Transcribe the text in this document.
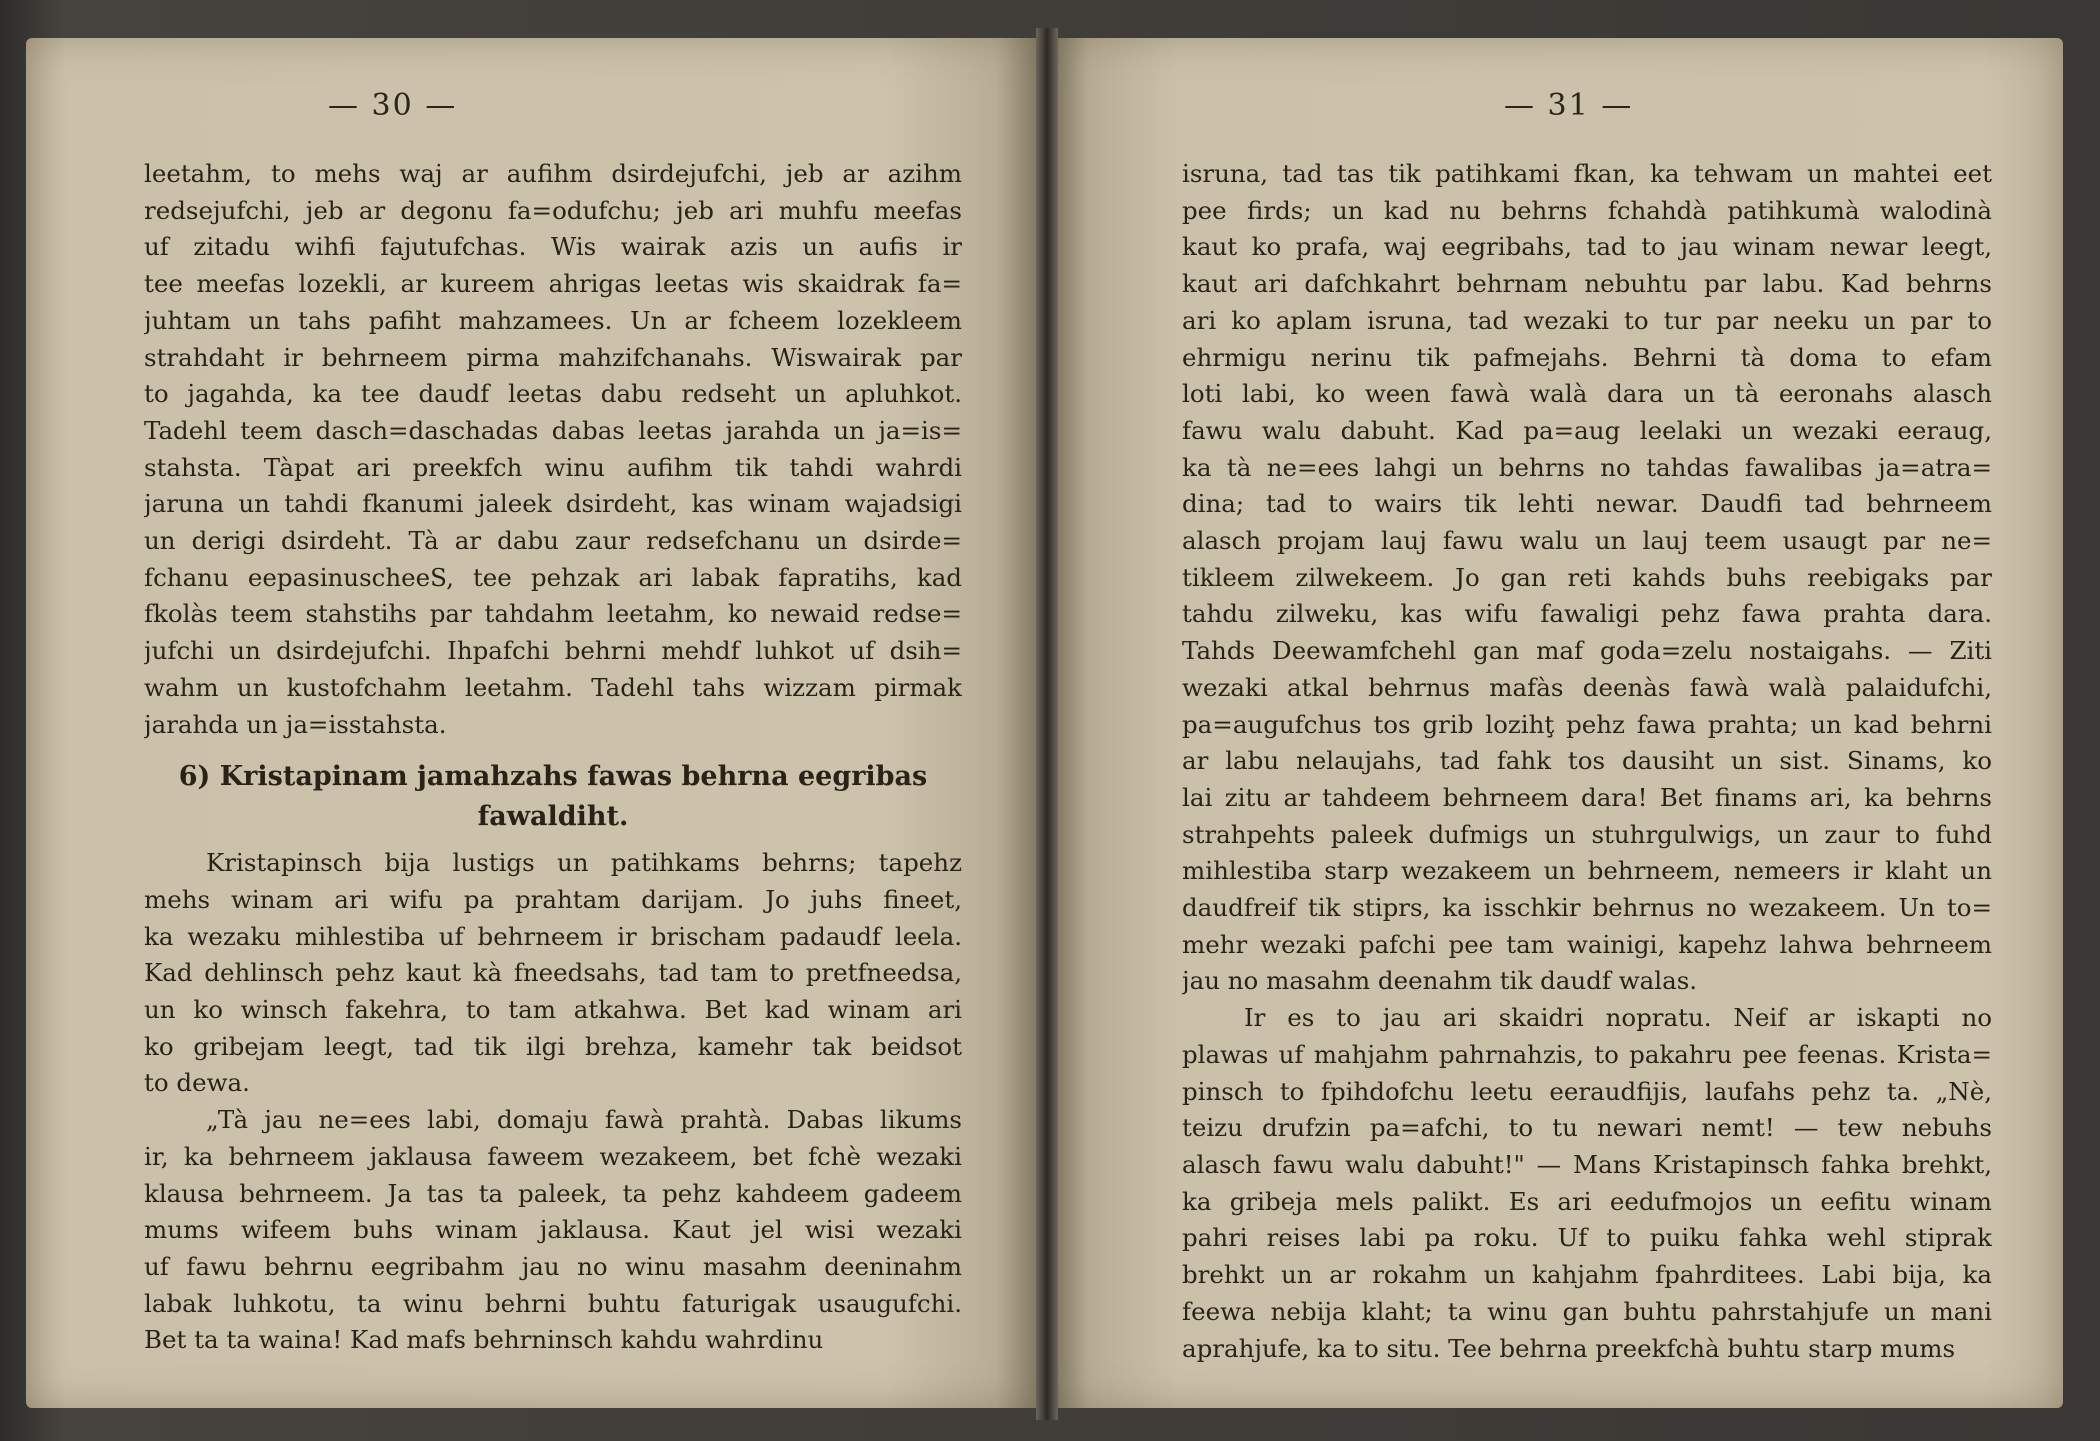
— 30 —
leetahm, to mehs waj ar aufihm dsirdejufchi, jeb ar azihm
redsejufchi, jeb ar degonu fa=odufchu; jeb ari muhfu meefas
uf zitadu wihfi fajutufchas. Wis wairak azis un aufis ir
tee meefas lozekli, ar kureem ahrigas leetas wis skaidrak fa=
juhtam un tahs pafiht mahzamees. Un ar fcheem lozekleem
strahdaht ir behrneem pirma mahzifchanahs. Wiswairak par
to jagahda, ka tee daudf leetas dabu redseht un apluhkot.
Tadehl teem dasch=daschadas dabas leetas jarahda un ja=is=
stahsta. Tàpat ari preekfch winu aufihm tik tahdi wahrdi
jaruna un tahdi fkanumi jaleek dsirdeht, kas winam wajadsigi
un derigi dsirdeht. Tà ar dabu zaur redsefchanu un dsirde=
fchanu eepasinuscheeS, tee pehzak ari labak fapratihs, kad
fkolàs teem stahstihs par tahdahm leetahm, ko newaid redse=
jufchi un dsirdejufchi. Ihpafchi behrni mehdf luhkot uf dsih=
wahm un kustofchahm leetahm. Tadehl tahs wizzam pirmak
jarahda un ja=isstahsta.
6) Kristapinam jamahzahs fawas behrna eegribas
fawaldiht.
Kristapinsch bija lustigs un patihkams behrns; tapehz
mehs winam ari wifu pa prahtam darijam. Jo juhs fineet,
ka wezaku mihlestiba uf behrneem ir brischam padaudf leela.
Kad dehlinsch pehz kaut kà fneedsahs, tad tam to pretfneedsa,
un ko winsch fakehra, to tam atkahwa. Bet kad winam ari
ko gribejam leegt, tad tik ilgi brehza, kamehr tak beidsot
to dewa.
„Tà jau ne=ees labi, domaju fawà prahtà. Dabas likums
ir, ka behrneem jaklausa faweem wezakeem, bet fchè wezaki
klausa behrneem. Ja tas ta paleek, ta pehz kahdeem gadeem
mums wifeem buhs winam jaklausa. Kaut jel wisi wezaki
uf fawu behrnu eegribahm jau no winu masahm deeninahm
labak luhkotu, ta winu behrni buhtu faturigak usaugufchi.
Bet ta ta waina! Kad mafs behrninsch kahdu wahrdinu
— 31 —
isruna, tad tas tik patihkami fkan, ka tehwam un mahtei eet
pee firds; un kad nu behrns fchahdà patihkumà walodinà
kaut ko prafa, waj eegribahs, tad to jau winam newar leegt,
kaut ari dafchkahrt behrnam nebuhtu par labu. Kad behrns
ari ko aplam isruna, tad wezaki to tur par neeku un par to
ehrmigu nerinu tik pafmejahs. Behrni tà doma to efam
loti labi, ko ween fawà walà dara un tà eeronahs alasch
fawu walu dabuht. Kad pa=aug leelaki un wezaki eeraug,
ka tà ne=ees lahgi un behrns no tahdas fawalibas ja=atra=
dina; tad to wairs tik lehti newar. Daudfi tad behrneem
alasch projam lauj fawu walu un lauj teem usaugt par ne=
tikleem zilwekeem. Jo gan reti kahds buhs reebigaks par
tahdu zilweku, kas wifu fawaligi pehz fawa prahta dara.
Tahds Deewamfchehl gan maf goda=zelu nostaigahs. — Ziti
wezaki atkal behrnus mafàs deenàs fawà walà palaidufchi,
pa=augufchus tos grib lozihţ pehz fawa prahta; un kad behrni
ar labu nelaujahs, tad fahk tos dausiht un sist. Sinams, ko
lai zitu ar tahdeem behrneem dara! Bet finams ari, ka behrns
strahpehts paleek dufmigs un stuhrgulwigs, un zaur to fuhd
mihlestiba starp wezakeem un behrneem, nemeers ir klaht un
daudfreif tik stiprs, ka isschkir behrnus no wezakeem. Un to=
mehr wezaki pafchi pee tam wainigi, kapehz lahwa behrneem
jau no masahm deenahm tik daudf walas.
Ir es to jau ari skaidri nopratu. Neif ar iskapti no
plawas uf mahjahm pahrnahzis, to pakahru pee feenas. Krista=
pinsch to fpihdofchu leetu eeraudfijis, laufahs pehz ta. „Nè,
teizu drufzin pa=afchi, to tu newari nemt! — tew nebuhs
alasch fawu walu dabuht!" — Mans Kristapinsch fahka brehkt,
ka gribeja mels palikt. Es ari eedufmojos un eefitu winam
pahri reises labi pa roku. Uf to puiku fahka wehl stiprak
brehkt un ar rokahm un kahjahm fpahrditees. Labi bija, ka
feewa nebija klaht; ta winu gan buhtu pahrstahjufe un mani
aprahjufe, ka to situ. Tee behrna preekfchà buhtu starp mums
